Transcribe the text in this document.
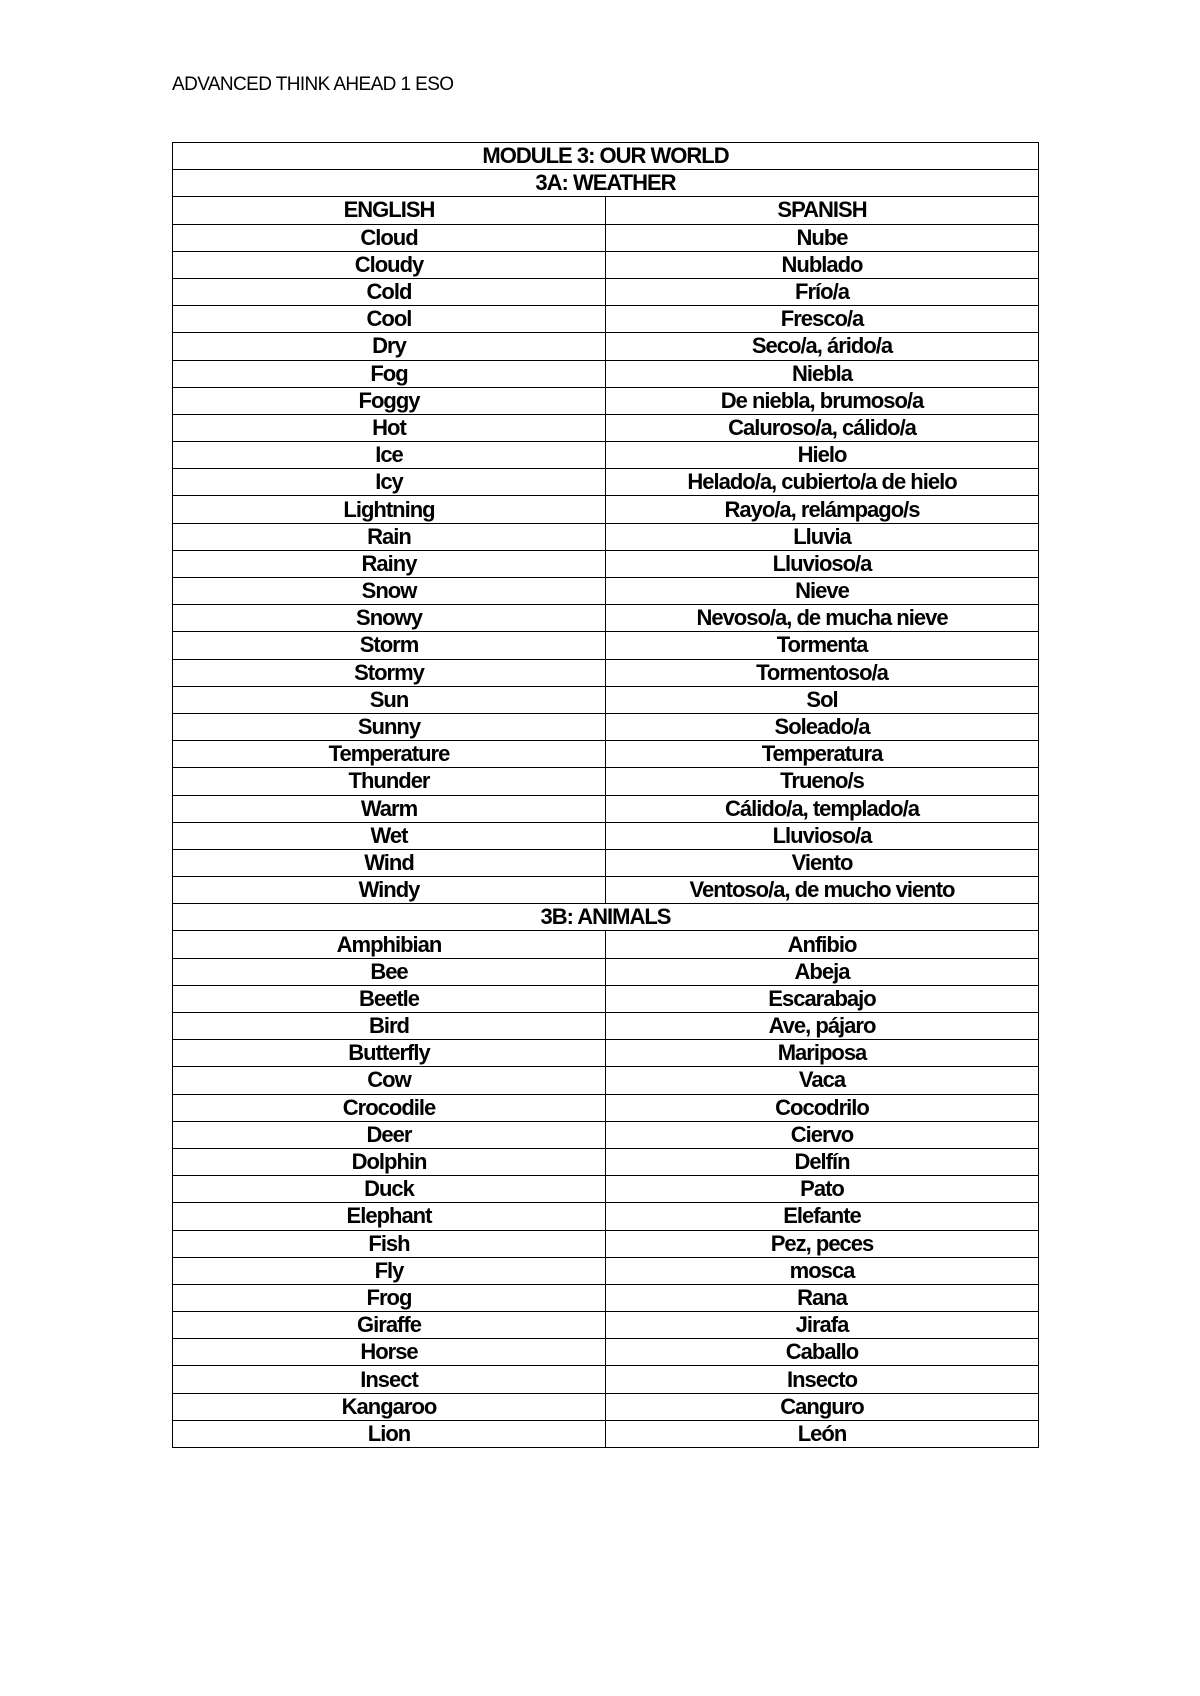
ADVANCED THINK AHEAD 1 ESO
MODULE 3: OUR WORLD	
3A: WEATHER	
ENGLISH	SPANISH
Cloud	Nube
Cloudy	Nublado
Cold	Frío/a
Cool	Fresco/a
Dry	Seco/a, árido/a
Fog	Niebla
Foggy	De niebla, brumoso/a
Hot	Caluroso/a, cálido/a
Ice	Hielo
Icy	Helado/a, cubierto/a de hielo
Lightning	Rayo/a, relámpago/s
Rain	Lluvia
Rainy	Lluvioso/a
Snow	Nieve
Snowy	Nevoso/a, de mucha nieve
Storm	Tormenta
Stormy	Tormentoso/a
Sun	Sol
Sunny	Soleado/a
Temperature	Temperatura
Thunder	Trueno/s
Warm	Cálido/a, templado/a
Wet	Lluvioso/a
Wind	Viento
Windy	Ventoso/a, de mucho viento
3B: ANIMALS	
Amphibian	Anfibio
Bee	Abeja
Beetle	Escarabajo
Bird	Ave, pájaro
Butterfly	Mariposa
Cow	Vaca
Crocodile	Cocodrilo
Deer	Ciervo
Dolphin	Delfín
Duck	Pato
Elephant	Elefante
Fish	Pez, peces
Fly	mosca
Frog	Rana
Giraffe	Jirafa
Horse	Caballo
Insect	Insecto
Kangaroo	Canguro
Lion	León
